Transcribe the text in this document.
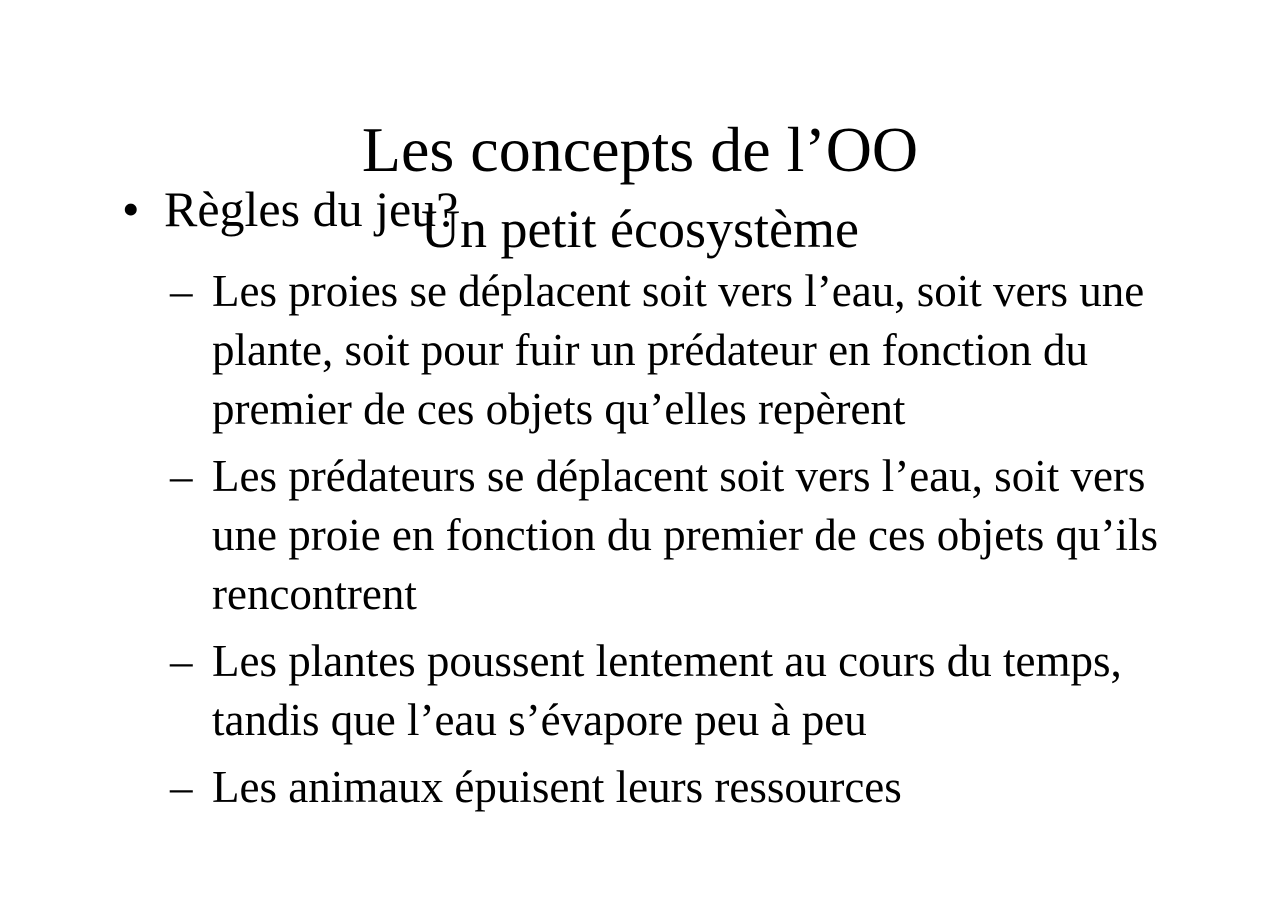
Les concepts de l’OO
• Règles du jeu?
Un petit écosystème
– Les proies se déplacent soit vers l’eau, soit vers une plante, soit pour fuir un prédateur en fonction du premier de ces objets qu’elles repèrent
– Les prédateurs se déplacent soit vers l’eau, soit vers une proie en fonction du premier de ces objets qu’ils rencontrent
– Les plantes poussent lentement au cours du temps, tandis que l’eau s’évapore peu à peu
– Les animaux épuisent leurs ressources
